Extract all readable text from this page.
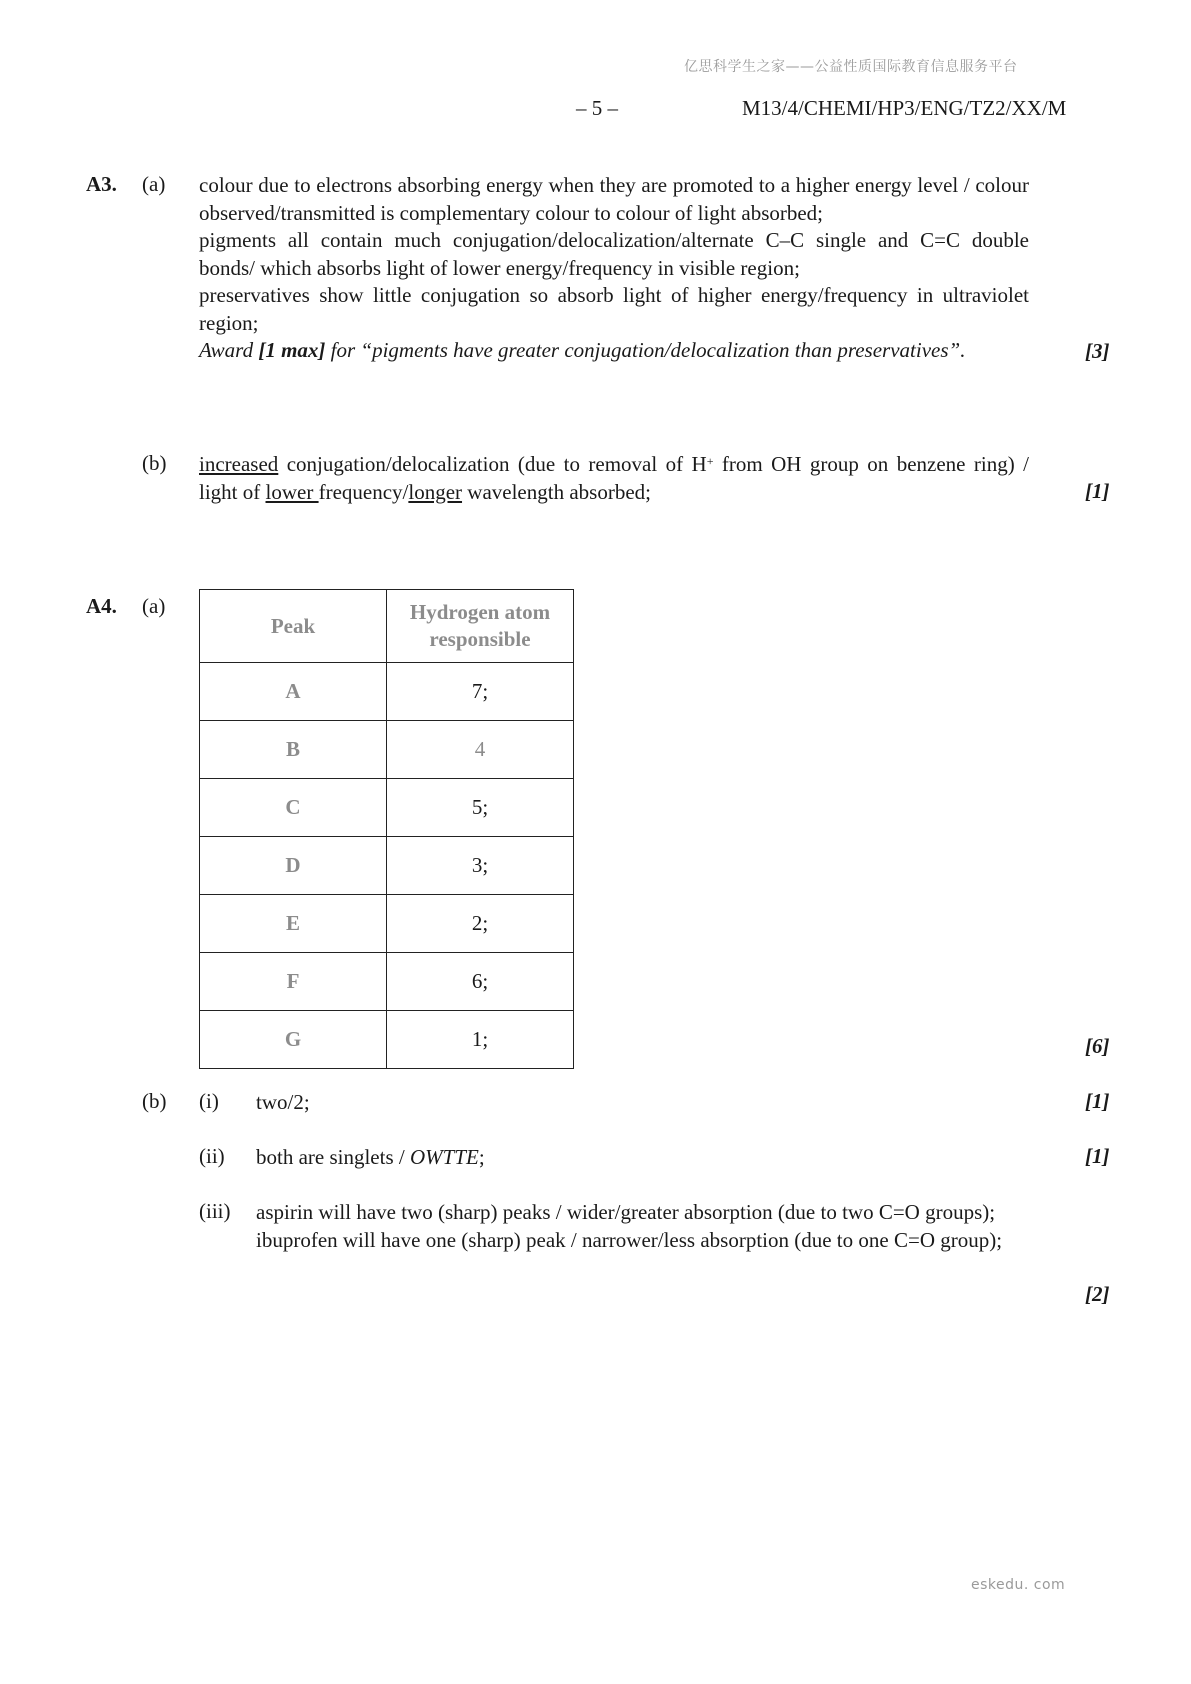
亿思科学生之家——公益性质国际教育信息服务平台
– 5 –	M13/4/CHEMI/HP3/ENG/TZ2/XX/M
A3. (a) colour due to electrons absorbing energy when they are promoted to a higher energy level / colour observed/transmitted is complementary colour to colour of light absorbed;
pigments all contain much conjugation/delocalization/alternate C–C single and C=C double bonds/ which absorbs light of lower energy/frequency in visible region;
preservatives show little conjugation so absorb light of higher energy/frequency in ultraviolet region;
Award [1 max] for “pigments have greater conjugation/delocalization than preservatives”.	[3]
(b) increased conjugation/delocalization (due to removal of H+ from OH group on benzene ring) / light of lower frequency/longer wavelength absorbed;	[1]
A4. (a)
Peak	Hydrogen atom
responsible
A	7;
B	4
C	5;
D	3;
E	2;
F	6;
G	1;	[6]
(b) (i) two/2;	[1]
(ii) both are singlets / OWTTE;	[1]
(iii) aspirin will have two (sharp) peaks / wider/greater absorption (due to two C=O groups);
ibuprofen will have one (sharp) peak / narrower/less absorption (due to one C=O group);
[2]
eskedu. com
